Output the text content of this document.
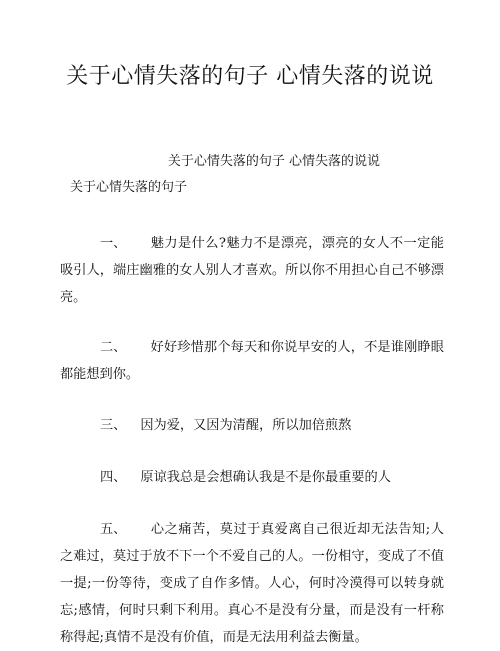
关于心情失落的句子 心情失落的说说
关于心情失落的句子 心情失落的说说
关于心情失落的句子

一、 魅力是什么?魅力不是漂亮，漂亮的女人不一定能吸引人，端庄幽雅的女人别人才喜欢。所以你不用担心自己不够漂亮。

二、 好好珍惜那个每天和你说早安的人，不是谁刚睁眼都能想到你。

三、 因为爱，又因为清醒，所以加倍煎熬

四、 原谅我总是会想确认我是不是你最重要的人

五、 心之痛苦，莫过于真爱离自己很近却无法告知;人之难过，莫过于放不下一个不爱自己的人。一份相守，变成了不值一提;一份等待，变成了自作多情。人心，何时冷漠得可以转身就忘;感情，何时只剩下利用。真心不是没有分量，而是没有一杆称称得起;真情不是没有价值，而是无法用利益去衡量。
